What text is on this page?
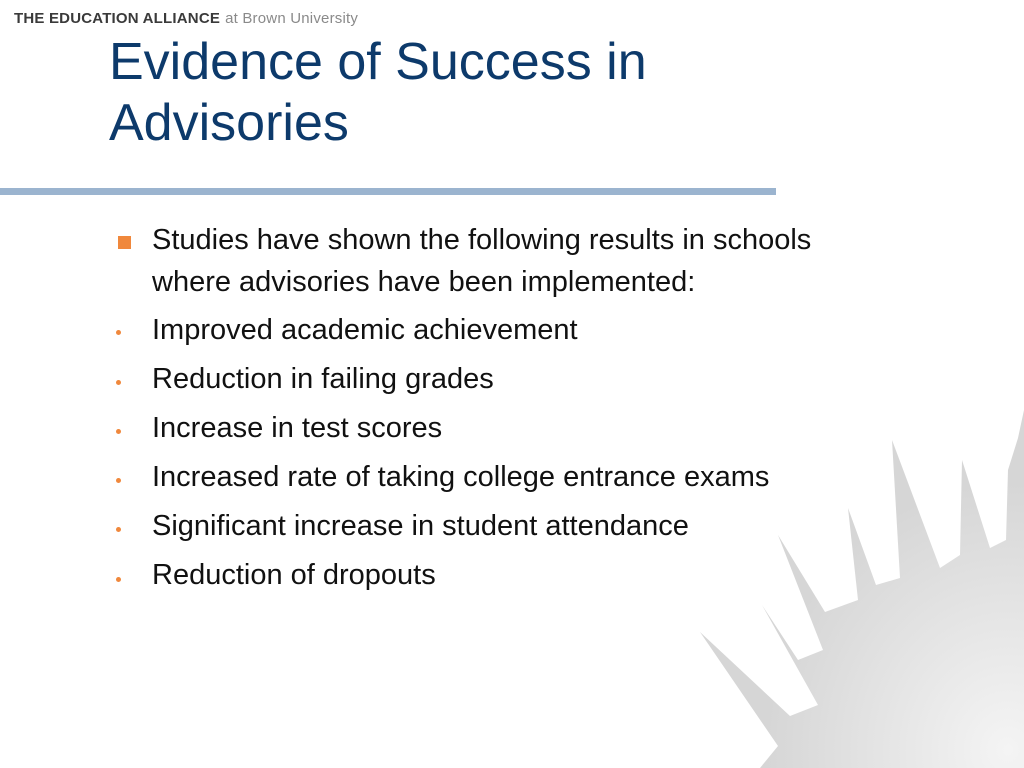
THE EDUCATION ALLIANCE at Brown University
Evidence of Success in
Advisories
Studies have shown the following results in schools
where advisories have been implemented:
Improved academic achievement
Reduction in failing grades
Increase in test scores
Increased rate of taking college entrance exams
Significant increase in student attendance
Reduction of dropouts
